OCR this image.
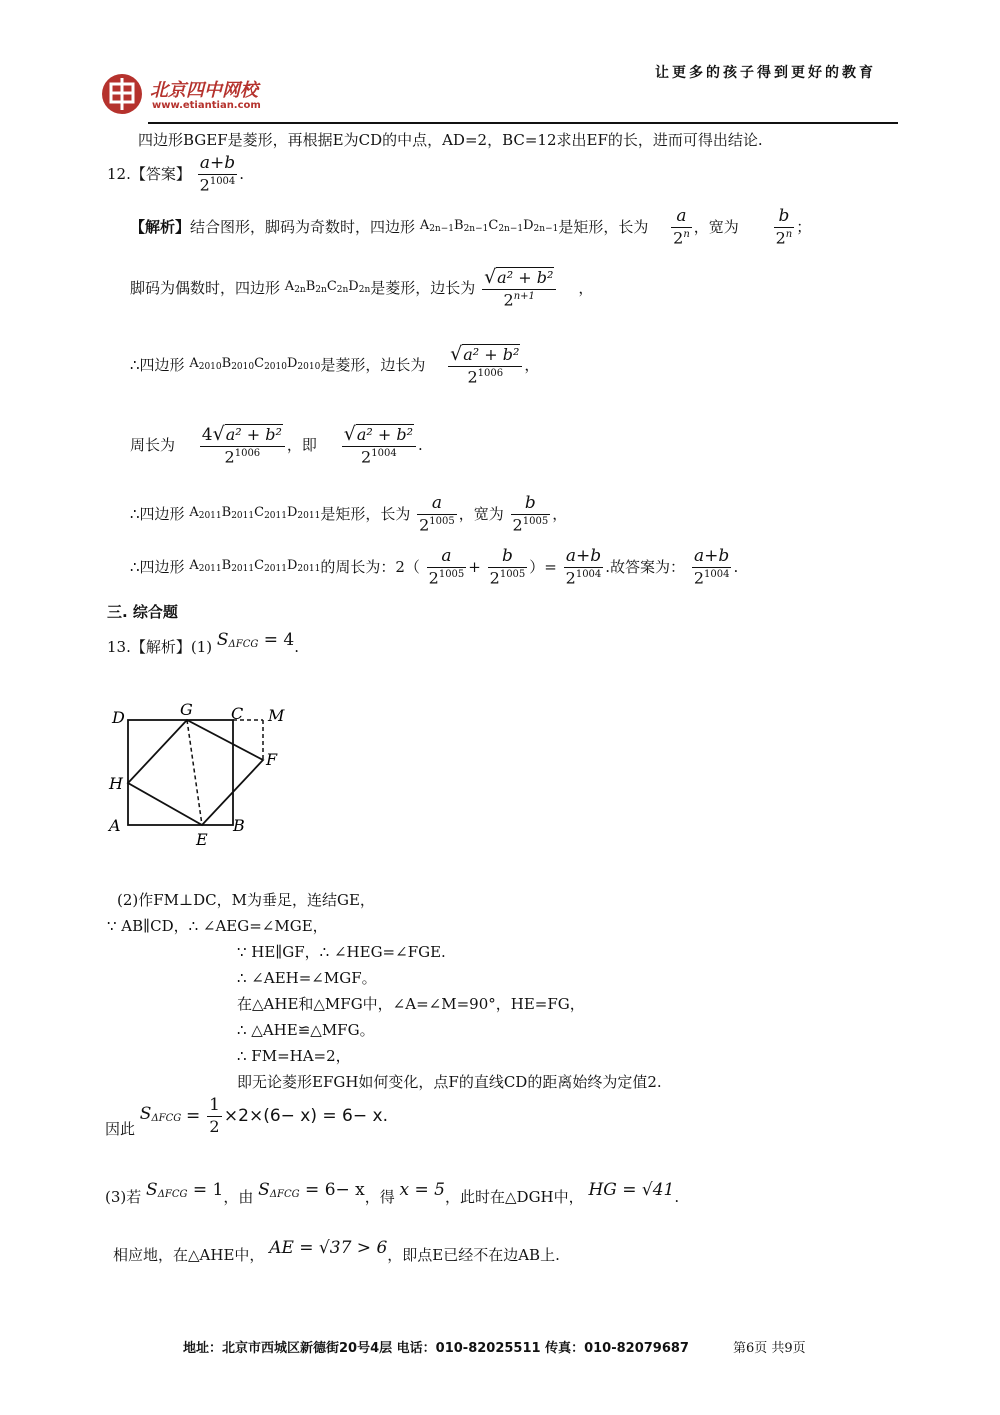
北京四中网校
www.etiantian.com
让更多的孩子得到更好的教育
四边形BGEF是菱形，再根据E为CD的中点，AD=2，BC=12求出EF的长，进而可得出结论.
12.【答案】 $\frac{a+b}{2^{1004}}$ .
【解析】结合图形，脚码为奇数时，四边形 $A_{2n-1}B_{2n-1}C_{2n-1}D_{2n-1}$是矩形，长为 $\frac{a}{2^n}$ ，宽为 $\frac{b}{2^n}$ ；
脚码为偶数时，四边形 $A_{2n}B_{2n}C_{2n}D_{2n}$是菱形，边长为 $\frac{\text{√a² + b²}}{2^{n+1}}$ ，
∴四边形 $A_{2010}B_{2010}C_{2010}D_{2010}$是菱形，边长为 $\frac{\text{√a² + b²}}{2^{1006}}$ ，
周长为 $\frac{\text{4√a² + b²}}{2^{1006}}$ ，即 $\frac{\text{√a² + b²}}{2^{1004}}$ .
∴四边形 $A_{2011}B_{2011}C_{2011}D_{2011}$是矩形，长为 $\frac{a}{2^{1005}}$ ，宽为 $\frac{b}{2^{1005}}$ ，
∴四边形 $A_{2011}B_{2011}C_{2011}D_{2011}$的周长为：$2( \frac{a}{2^{1005}} + \frac{b}{2^{1005}}$ ）= $\frac{a+b}{2^{1004}}$ .故答案为： $\frac{a+b}{2^{1004}}$ .
三. 综合题
13.【解析】(1) $S_{\Delta FCG} = 4$.
D	G C M
F
H
A
E
B
(2)作FM⊥DC，M为垂足，连结GE，
∵ AB∥CD，∴ ∠AEG=∠MGE，
∵ HE∥GF，∴ ∠HEG=∠FGE.
∴ ∠AEH=∠MGF。
在△AHE和△MFG中，∠A=∠M=90°，HE=FG，
∴ △AHE≌△MFG。
∴ FM=HA=2，
即无论菱形EFGH如何变化，点F的直线CD的距离始终为定值2.
因此 $S_{\Delta FCG} = \frac{1}{2} \times 2\times(6- x) = 6- x$.
(3)若 $S_{\Delta FCG} = 1$，由 $S_{\Delta FCG} = 6- x$，得 x = 5，此时在△DGH中， HG = √41.
相应地，在△AHE中， AE = √37 > 6，即点E已经不在边AB上.
地址：北京市西城区新德街20号4层 电话：010-82025511 传真：010-82079687	第6页 共9页
